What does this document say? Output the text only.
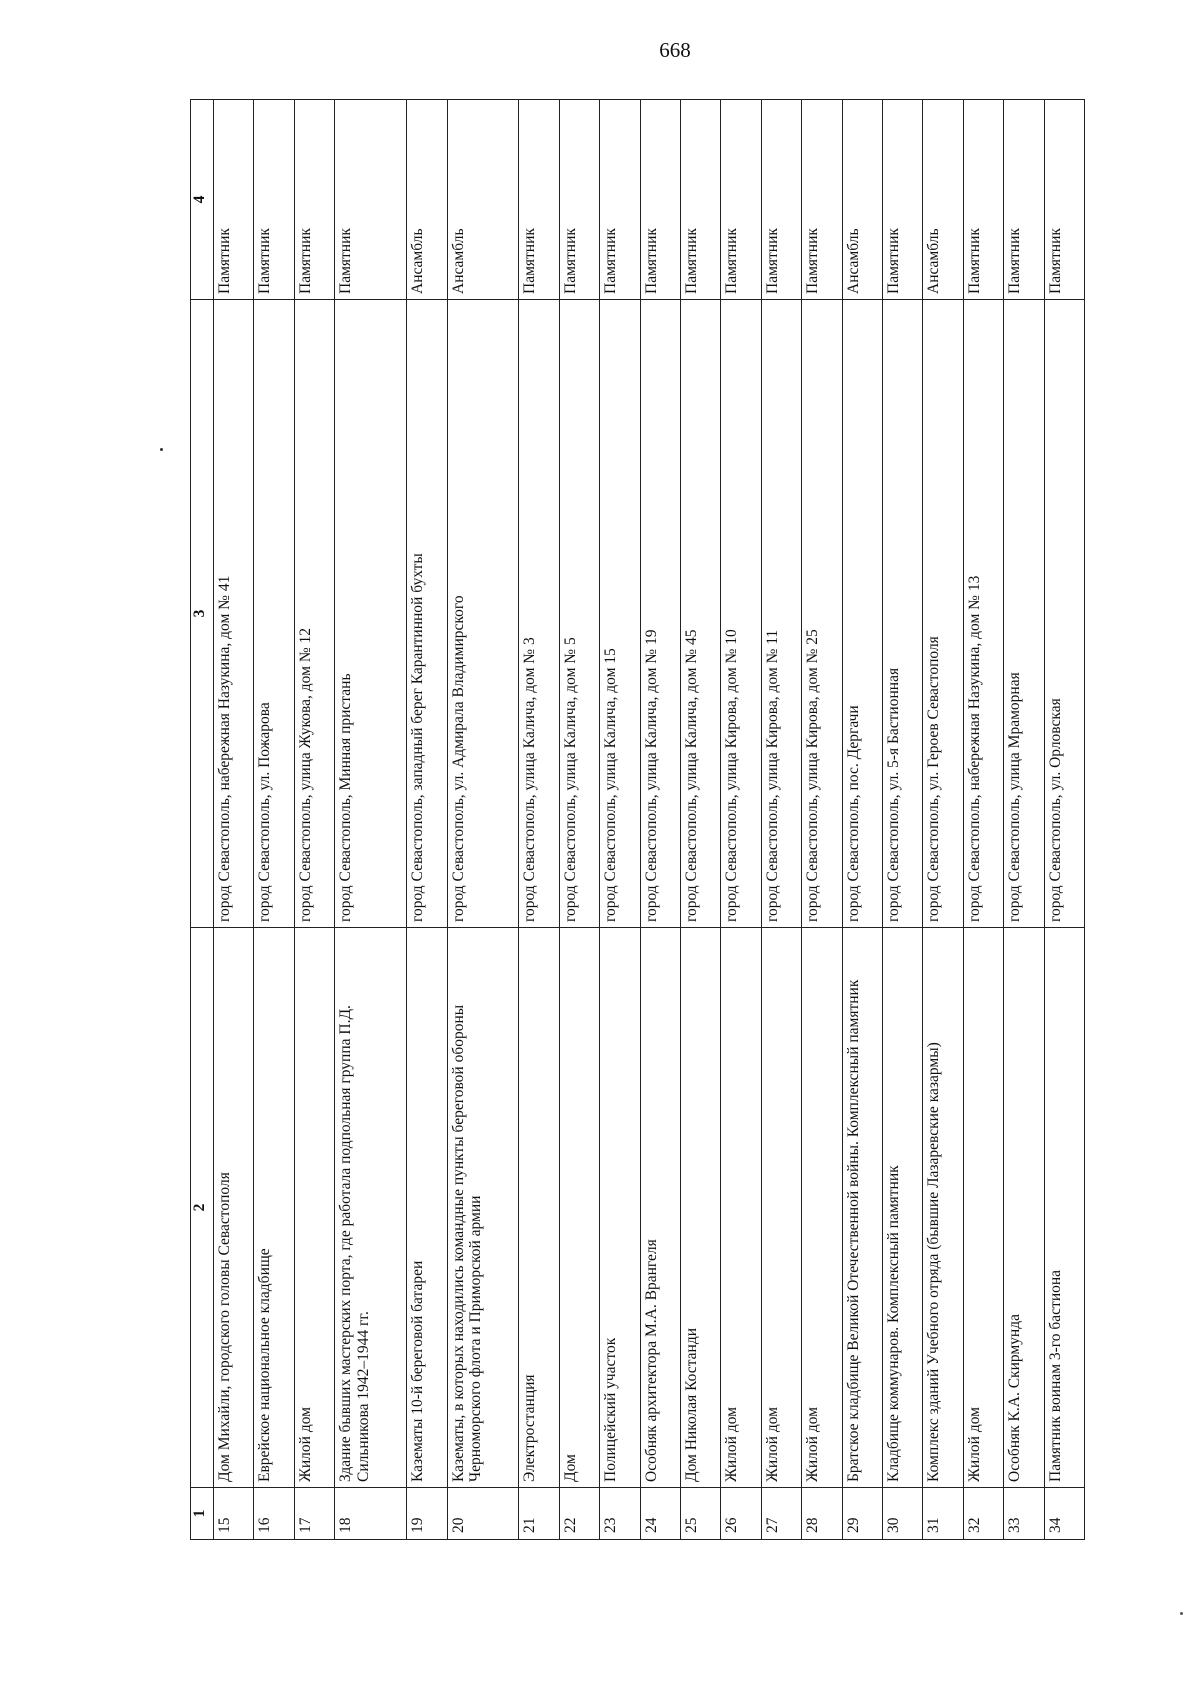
668
1	2	3	4
15	Дом Михайли, городского головы Севастополя	город Севастополь, набережная Назукина, дом № 41	Памятник
16	Еврейское национальное кладбище	город Севастополь, ул. Пожарова	Памятник
17	Жилой дом	город Севастополь, улица Жукова, дом № 12	Памятник
18	Здание бывших мастерских порта, где работала подпольная группа П.Д. Сильникова 1942–1944 гг.	город Севастополь, Минная пристань	Памятник
19	Казематы 10-й береговой батареи	город Севастополь, западный берег Карантинной бухты	Ансамбль
20	Казематы, в которых находились командные пункты береговой обороны Черноморского флота и Приморской армии	город Севастополь, ул. Адмирала Владимирского	Ансамбль
21	Электростанция	город Севастополь, улица Калича, дом № 3	Памятник
22	Дом	город Севастополь, улица Калича, дом № 5	Памятник
23	Полицейский участок	город Севастополь, улица Калича, дом 15	Памятник
24	Особняк архитектора М.А. Врангеля	город Севастополь, улица Калича, дом № 19	Памятник
25	Дом Николая Костанди	город Севастополь, улица Калича, дом № 45	Памятник
26	Жилой дом	город Севастополь, улица Кирова, дом № 10	Памятник
27	Жилой дом	город Севастополь, улица Кирова, дом № 11	Памятник
28	Жилой дом	город Севастополь, улица Кирова, дом № 25	Памятник
29	Братское кладбище Великой Отечественной войны. Комплексный памятник	город Севастополь, пос. Дергачи	Ансамбль
30	Кладбище коммунаров. Комплексный памятник	город Севастополь, ул. 5-я Бастионная	Памятник
31	Комплекс зданий Учебного отряда (бывшие Лазаревские казармы)	город Севастополь, ул. Героев Севастополя	Ансамбль
32	Жилой дом	город Севастополь, набережная Назукина, дом № 13	Памятник
33	Особняк К.А. Скирмунда	город Севастополь, улица Мраморная	Памятник
34	Памятник воинам 3-го бастиона	город Севастополь, ул. Орловская	Памятник
